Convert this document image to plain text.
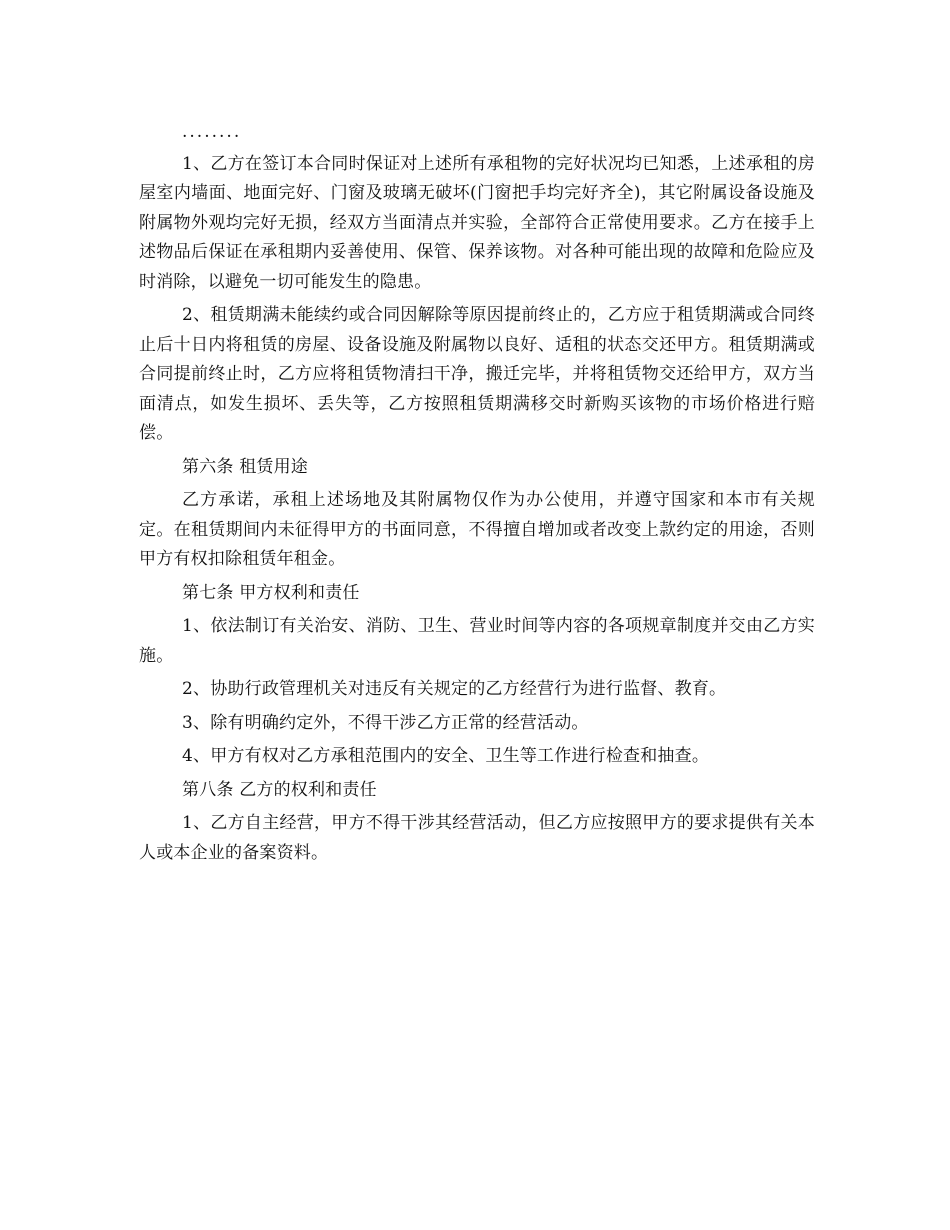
........

1、乙方在签订本合同时保证对上述所有承租物的完好状况均已知悉，上述承租的房屋室内墙面、地面完好、门窗及玻璃无破坏(门窗把手均完好齐全)，其它附属设备设施及附属物外观均完好无损，经双方当面清点并实验，全部符合正常使用要求。乙方在接手上述物品后保证在承租期内妥善使用、保管、保养该物。对各种可能出现的故障和危险应及时消除，以避免一切可能发生的隐患。

2、租赁期满未能续约或合同因解除等原因提前终止的，乙方应于租赁期满或合同终止后十日内将租赁的房屋、设备设施及附属物以良好、适租的状态交还甲方。租赁期满或合同提前终止时，乙方应将租赁物清扫干净，搬迁完毕，并将租赁物交还给甲方，双方当面清点，如发生损坏、丢失等，乙方按照租赁期满移交时新购买该物的市场价格进行赔偿。

第六条 租赁用途

乙方承诺，承租上述场地及其附属物仅作为办公使用，并遵守国家和本市有关规定。在租赁期间内未征得甲方的书面同意，不得擅自增加或者改变上款约定的用途，否则甲方有权扣除租赁年租金。

第七条 甲方权利和责任

1、依法制订有关治安、消防、卫生、营业时间等内容的各项规章制度并交由乙方实施。

2、协助行政管理机关对违反有关规定的乙方经营行为进行监督、教育。

3、除有明确约定外，不得干涉乙方正常的经营活动。

4、甲方有权对乙方承租范围内的安全、卫生等工作进行检查和抽查。

第八条 乙方的权利和责任

1、乙方自主经营，甲方不得干涉其经营活动，但乙方应按照甲方的要求提供有关本人或本企业的备案资料。
